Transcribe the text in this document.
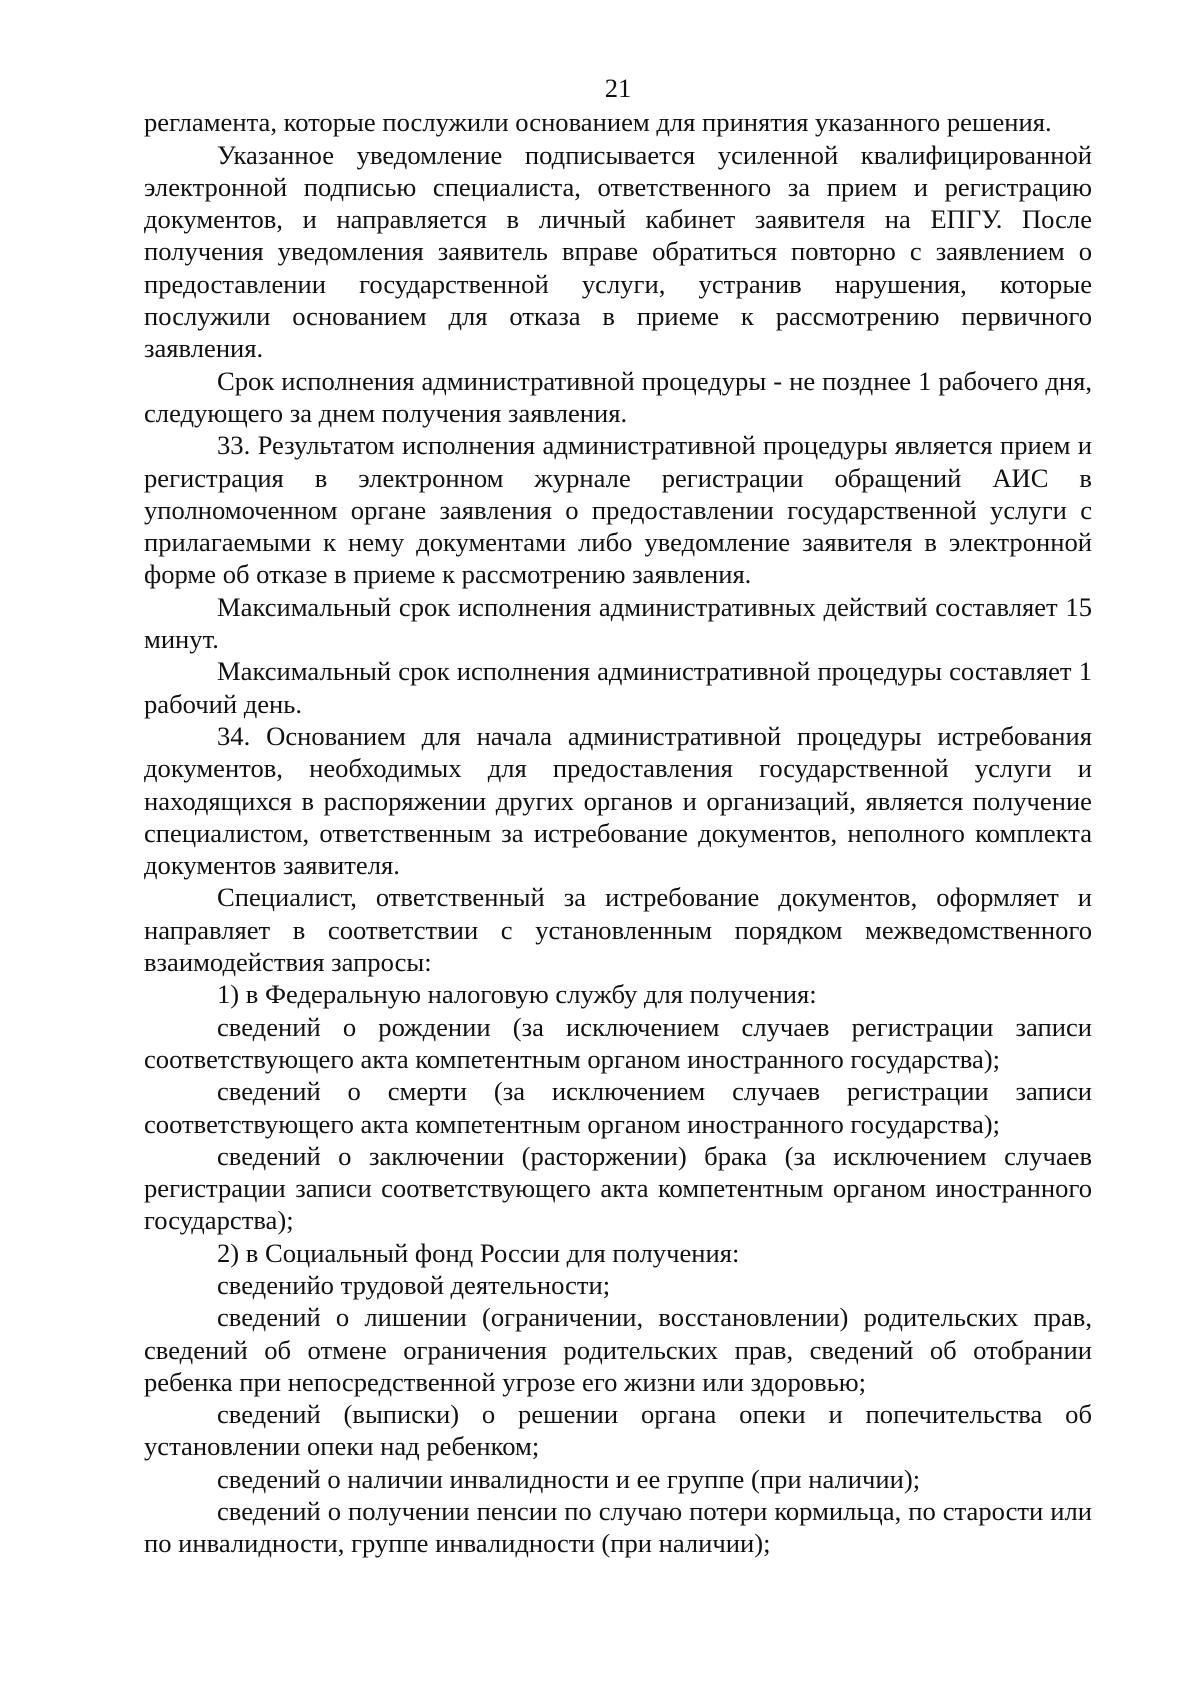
21

регламента, которые послужили основанием для принятия указанного решения.

Указанное уведомление подписывается усиленной квалифицированной электронной подписью специалиста, ответственного за прием и регистрацию документов, и направляется в личный кабинет заявителя на ЕПГУ. После получения уведомления заявитель вправе обратиться повторно с заявлением о предоставлении государственной услуги, устранив нарушения, которые послужили основанием для отказа в приеме к рассмотрению первичного заявления.

Срок исполнения административной процедуры - не позднее 1 рабочего дня, следующего за днем получения заявления.

33. Результатом исполнения административной процедуры является прием и регистрация в электронном журнале регистрации обращений АИС в уполномоченном органе заявления о предоставлении государственной услуги с прилагаемыми к нему документами либо уведомление заявителя в электронной форме об отказе в приеме к рассмотрению заявления.

Максимальный срок исполнения административных действий составляет 15 минут.

Максимальный срок исполнения административной процедуры составляет 1 рабочий день.

34. Основанием для начала административной процедуры истребования документов, необходимых для предоставления государственной услуги и находящихся в распоряжении других органов и организаций, является получение специалистом, ответственным за истребование документов, неполного комплекта документов заявителя.

Специалист, ответственный за истребование документов, оформляет и направляет в соответствии с установленным порядком межведомственного взаимодействия запросы:

1) в Федеральную налоговую службу для получения:

сведений о рождении (за исключением случаев регистрации записи соответствующего акта компетентным органом иностранного государства);

сведений о смерти (за исключением случаев регистрации записи соответствующего акта компетентным органом иностранного государства);

сведений о заключении (расторжении) брака (за исключением случаев регистрации записи соответствующего акта компетентным органом иностранного государства);

2) в Социальный фонд России для получения:

сведенийо трудовой деятельности;

сведений о лишении (ограничении, восстановлении) родительских прав, сведений об отмене ограничения родительских прав, сведений об отобрании ребенка при непосредственной угрозе его жизни или здоровью;

сведений (выписки) о решении органа опеки и попечительства об установлении опеки над ребенком;

сведений о наличии инвалидности и ее группе (при наличии);

сведений о получении пенсии по случаю потери кормильца, по старости или по инвалидности, группе инвалидности (при наличии);
